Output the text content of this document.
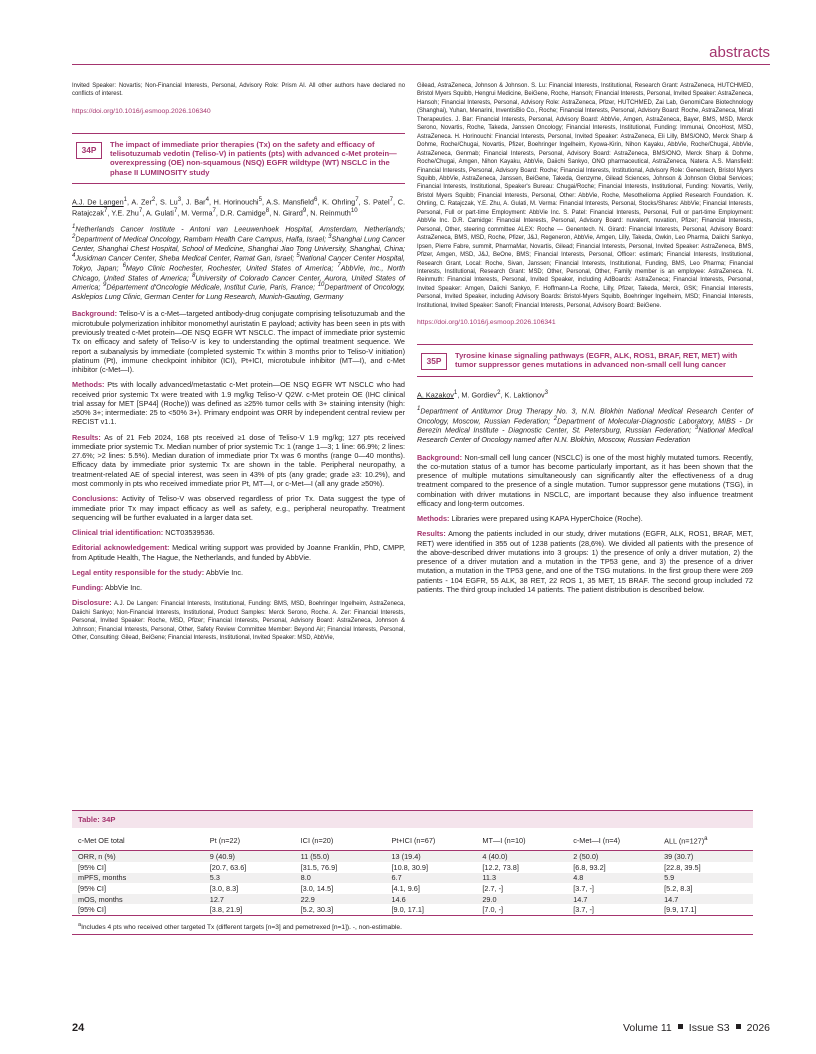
abstracts
Invited Speaker: Novartis; Non-Financial Interests, Personal, Advisory Role: Prism AI. All other authors have declared no conflicts of interest.
https://doi.org/10.1016/j.esmoop.2026.106340
34P
The impact of immediate prior therapies (Tx) on the safety and efficacy of telisotuzumab vedotin (Teliso-V) in patients (pts) with advanced c-Met protein—overexpressing (OE) non-squamous (NSQ) EGFR wildtype (WT) NSCLC in the phase II LUMINOSITY study
A.J. De Langen$^1$, A. Zer$^2$, S. Lu$^3$, J. Bar$^4$, H. Horinouchi$^5$, A.S. Mansfield$^6$, K. Ohrling$^7$, S. Patel$^7$, C. Ratajczak$^7$, Y.E. Zhu$^7$, A. Gulati$^7$, M. Verma$^7$, D.R. Camidge$^8$, N. Girard$^9$, N. Reinmuth$^{10}$
$^1$Netherlands Cancer Institute - Antoni van Leeuwenhoek Hospital, Amsterdam, Netherlands; $^2$Department of Medical Oncology, Rambam Health Care Campus, Haifa, Israel; $^3$Shanghai Lung Cancer Center, Shanghai Chest Hospital, School of Medicine, Shanghai Jiao Tong University, Shanghai, China; $^4$Jusidman Cancer Center, Sheba Medical Center, Ramat Gan, Israel; $^5$National Cancer Center Hospital, Tokyo, Japan; $^6$Mayo Clinic Rochester, Rochester, United States of America; $^7$AbbVie, Inc., North Chicago, United States of America; $^8$University of Colorado Cancer Center, Aurora, United States of America; $^9$Département d'Oncologie Médicale, Institut Curie, Paris, France; $^{10}$Department of Oncology, Asklepios Lung Clinic, German Center for Lung Research, Munich-Gauting, Germany
Background: Teliso-V is a c-Met—targeted antibody-drug conjugate comprising telisotuzumab and the microtubule polymerization inhibitor monomethyl auristatin E payload; activity has been seen in pts with previously treated c-Met protein—OE NSQ EGFR WT NSCLC. The impact of immediate prior systemic Tx on efficacy and safety of Teliso-V is key to understanding the optimal treatment sequence. We report a subanalysis by immediate (completed systemic Tx within 3 months prior to Teliso-V initiation) platinum (Pt), immune checkpoint inhibitor (ICI), Pt+ICI, microtubule inhibitor (MT—I), and c-Met inhibitor (c-Met—I).
Methods: Pts with locally advanced/metastatic c-Met protein—OE NSQ EGFR WT NSCLC who had received prior systemic Tx were treated with 1.9 mg/kg Teliso-V Q2W. c-Met protein OE (IHC clinical trial assay for MET [SP44] (Roche)) was defined as ≥25% tumor cells with 3+ staining intensity (high: ≥50% 3+; intermediate: 25 to <50% 3+). Primary endpoint was ORR by independent central review per RECIST v1.1.
Results: As of 21 Feb 2024, 168 pts received ≥1 dose of Teliso-V 1.9 mg/kg; 127 pts received immediate prior systemic Tx. Median number of prior systemic Tx: 1 (range 1—3; 1 line: 66.9%; 2 lines: 27.6%; >2 lines: 5.5%). Median duration of immediate prior Tx was 6 months (range 0—40 months). Efficacy data by immediate prior systemic Tx are shown in the table. Peripheral neuropathy, a treatment-related AE of special interest, was seen in 43% of pts (any grade; grade ≥3: 10.2%), and most commonly in pts who received immediate prior Pt, MT—I, or c-Met—I (all any grade ≥50%).
Conclusions: Activity of Teliso-V was observed regardless of prior Tx. Data suggest the type of immediate prior Tx may impact efficacy as well as safety, e.g., peripheral neuropathy. Treatment sequencing will be further evaluated in a larger data set.
Clinical trial identification: NCT03539536.
Editorial acknowledgement: Medical writing support was provided by Joanne Franklin, PhD, CMPP, from Aptitude Health, The Hague, the Netherlands, and funded by AbbVie.
Legal entity responsible for the study: AbbVie Inc.
Funding: AbbVie Inc.
Disclosure: A.J. De Langen: Financial Interests, Institutional, Funding: BMS, MSD, Boehringer Ingelheim, AstraZeneca, Daiichi Sankyo; Non-Financial Interests, Institutional, Product Samples: Merck Serono, Roche. A. Zer: Financial Interests, Personal, Invited Speaker: Roche, MSD, Pfizer; Financial Interests, Personal, Advisory Board: AstraZeneca, Johnson & Johnson; Financial Interests, Personal, Other, Safety Review Committee Member: Beyond Air; Financial Interests, Personal, Other, Consulting: Gilead, BeiGene; Financial Interests, Institutional, Invited Speaker: MSD, AbbVie,
Gilead, AstraZeneca, Johnson & Johnson. S. Lu: Financial Interests, Institutional, Research Grant: AstraZeneca, HUTCHMED, Bristol Myers Squibb, Hengrui Medicine, BeiGene, Roche, Hansoh; Financial Interests, Personal, Invited Speaker: AstraZeneca, Hansoh; Financial Interests, Personal, Advisory Role: AstraZeneca, Pfizer, HUTCHMED, Zai Lab, GenomiCare Biotechnology (Shanghai), Yuhan, Menarini, InventisBio Co., Roche; Financial Interests, Personal, Advisory Board: Roche, AstraZeneca, Mirati Therapeutics. J. Bar: Financial Interests, Personal, Advisory Board: AbbVie, Amgen, AstraZeneca, Bayer, BMS, MSD, Merck Serono, Novartis, Roche, Takeda, Janssen Oncology; Financial Interests, Institutional, Funding: Immunai, OncoHost, MSD, AstraZeneca. H. Horinouchi: Financial Interests, Personal, Invited Speaker: AstraZeneca, Eli Lilly, BMS/ONO, Merck Sharp & Dohme, Roche/Chugai, Novartis, Pfizer, Boehringer Ingelheim, Kyowa-Kirin, Nihon Kayaku, AbbVie, Roche/Chugai, AbbVie, AstraZeneca, Genmab; Financial Interests, Personal, Advisory Board: AstraZeneca, BMS/ONO, Merck Sharp & Dohme, Roche/Chugai, Amgen, Nihon Kayaku, AbbVie, Daiichi Sankyo, ONO pharmaceutical, AstraZeneca, Natera. A.S. Mansfield: Financial Interests, Personal, Advisory Board: Roche; Financial Interests, Institutional, Advisory Role: Genentech, Bristol Myers Squibb, AbbVie, AstraZeneca, Janssen, BeiGene, Takeda, Genzyme, Gilead Sciences, Johnson & Johnson Global Services; Financial Interests, Institutional, Speaker's Bureau: Chugai/Roche; Financial Interests, Institutional, Funding: Novartis, Verily, Bristol Myers Squibb; Financial Interests, Personal, Other: AbbVie, Roche, Mesothelioma Applied Research Foundation. K. Ohrling, C. Ratajczak, Y.E. Zhu, A. Gulati, M. Verma: Financial Interests, Personal, Stocks/Shares: AbbVie; Financial Interests, Personal, Full or part-time Employment: AbbVie Inc. S. Patel: Financial Interests, Personal, Full or part-time Employment: AbbVie Inc. D.R. Camidge: Financial Interests, Personal, Advisory Board: nuvalent, nuvation, Pfizer; Financial Interests, Personal, Other, steering committee ALEX: Roche — Genentech. N. Girard: Financial Interests, Personal, Advisory Board: AstraZeneca, BMS, MSD, Roche, Pfizer, J&J, Regeneron, AbbVie, Amgen, Lilly, Takeda, Owkin, Leo Pharma, Daiichi Sankyo, Ipsen, Pierre Fabre, summit, PharmaMar, Novartis, Gilead; Financial Interests, Personal, Invited Speaker: AstraZeneca, BMS, Pfizer, Amgen, MSD, J&J, BeOne, BMS; Financial Interests, Personal, Officer: estimark; Financial Interests, Institutional, Research Grant, Local: Roche, Sivan, Janssen; Financial Interests, Institutional, Funding, BMS, Leo Pharma; Financial Interests, Institutional, Research Grant: MSD; Other, Personal, Other, Family member is an employee: AstraZeneca. N. Reinmuth: Financial Interests, Personal, Invited Speaker, including AdBoards: AstraZeneca; Financial Interests, Personal, Invited Speaker: Amgen, Daiichi Sankyo, F. Hoffmann-La Roche, Lilly, Pfizer, Takeda, Merck, GSK; Financial Interests, Personal, Invited Speaker, including Advisory Boards: Bristol-Myers Squibb, Boehringer Ingelheim, MSD; Financial Interests, Institutional, Invited Speaker: Sanofi; Financial Interests, Personal, Advisory Board: BeiGene.
https://doi.org/10.1016/j.esmoop.2026.106341
35P
Tyrosine kinase signaling pathways (EGFR, ALK, ROS1, BRAF, RET, MET) with tumor suppressor genes mutations in advanced non-small cell lung cancer
A. Kazakov$^1$, M. Gordiev$^2$, K. Laktionov$^3$
$^1$Department of Antitumor Drug Therapy No. 3, N.N. Blokhin National Medical Research Center of Oncology, Moscow, Russian Federation; $^2$Department of Molecular-Diagnostic Laboratory, MIBS - Dr Berezin Medical Institute - Diagnostic Center, St. Petersburg, Russian Federation; $^3$National Medical Research Center of Oncology named after N.N. Blokhin, Moscow, Russian Federation
Background: Non-small cell lung cancer (NSCLC) is one of the most highly mutated tumors. Recently, the co-mutation status of a tumor has become particularly important, as it has been shown that the presence of multiple mutations simultaneously can significantly alter the effectiveness of a drug treatment compared to the presence of a single mutation. Tumor suppressor gene mutations (TSG), in combination with driver mutations in NSCLC, are important because they also influence treatment efficacy and long-term outcomes.
Methods: Libraries were prepared using KAPA HyperChoice (Roche).
Results: Among the patients included in our study, driver mutations (EGFR, ALK, ROS1, BRAF, MET, RET) were identified in 355 out of 1238 patients (28,6%). We divided all patients with the presence of the above-described driver mutations into 3 groups: 1) the presence of only a driver mutation, 2) the presence of a driver mutation and a mutation in the TP53 gene, and 3) the presence of a driver mutation, a mutation in the TP53 gene, and one of the TSG mutations. In the first group there were 269 patients - 104 EGFR, 55 ALK, 38 RET, 22 ROS 1, 35 MET, 15 BRAF. The second group included 72 patients. The third group included 14 patients. The patient distribution is described below.
Table: 34P
c-Met OE total	Pt (n=22)	ICI (n=20)	Pt+ICI (n=67)	MT—I (n=10)	c-Met—I (n=4)	ALL (n=127)$^a$
ORR, n (%)	9 (40.9)	11 (55.0)	13 (19.4)	4 (40.0)	2 (50.0)	39 (30.7)
[95% CI]	[20.7, 63.6]	[31.5, 76.9]	[10.8, 30.9]	[12.2, 73.8]	[6.8, 93.2]	[22.8, 39.5]
mPFS, months	5.3	8.0	6.7	11.3	4.8	5.9
[95% CI]	[3.0, 8.3]	[3.0, 14.5]	[4.1, 9.6]	[2.7, -]	[3.7, -]	[5.2, 8.3]
mOS, months	12.7	22.9	14.6	29.0	14.7	14.7
[95% CI]	[3.8, 21.9]	[5.2, 30.3]	[9.0, 17.1]	[7.0, -]	[3.7, -]	[9.9, 17.1]
$^a$Includes 4 pts who received other targeted Tx (different targets [n=3] and pemetrexed [n=1]). -, non-estimable.
24	Volume 11 Issue S3 2026
